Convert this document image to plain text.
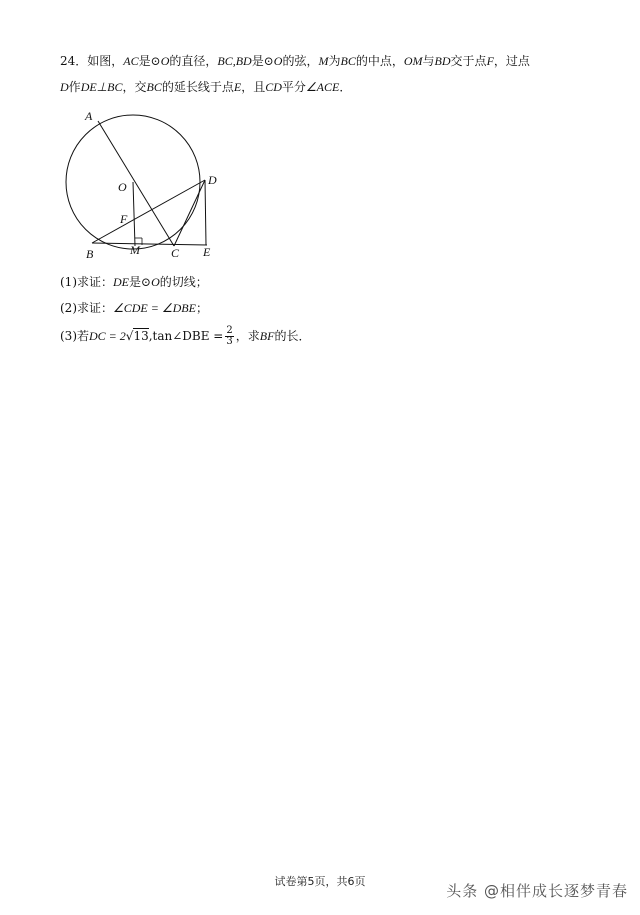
24．如图，AC是⊙O的直径，BC,BD是⊙O的弦，M为BC的中点，OM与BD交于点F，过点
D作DE⊥BC，交BC的延长线于点E，且CD平分∠ACE．
A
O	D
F
B	M	C E
(1)求证：DE是⊙O的切线；
(2)求证：∠CDE = ∠DBE；
(3)若DC = 2√13,tan∠DBE = $\frac{2}{3}$ ，求BF的长．
试卷第5页，共6页
头条 @相伴成长逐梦青春
